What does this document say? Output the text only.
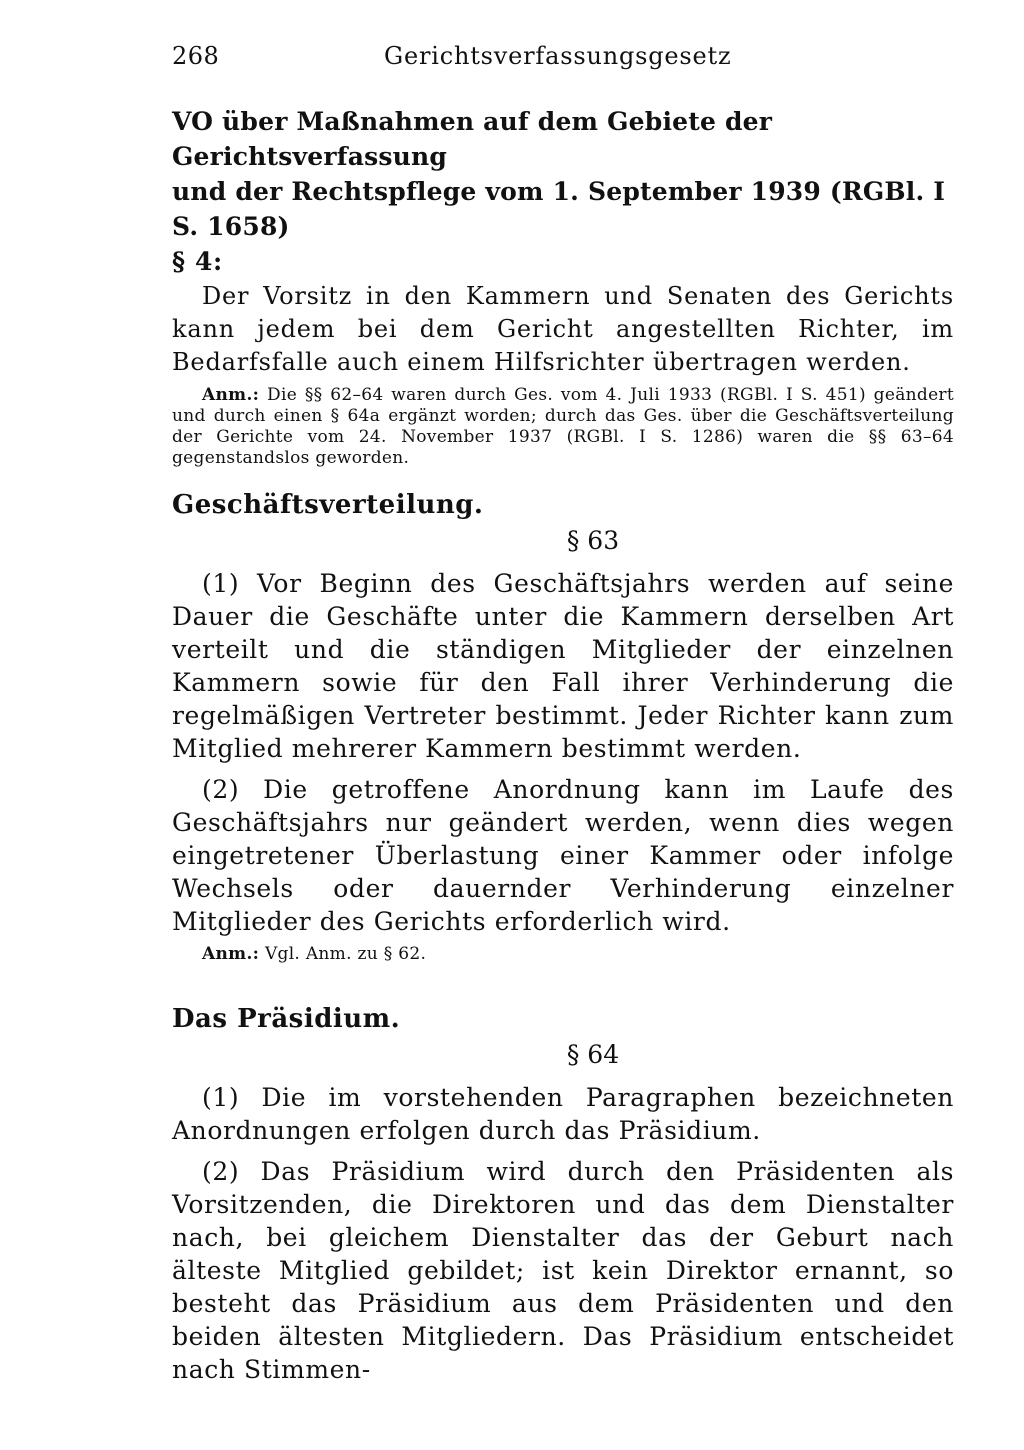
268	Gerichtsverfassungsgesetz
VO über Maßnahmen auf dem Gebiete der Gerichtsverfassung
und der Rechtspflege vom 1. September 1939 (RGBl. I S. 1658)
§ 4:

Der Vorsitz in den Kammern und Senaten des Gerichts kann jedem bei dem Gericht angestellten Richter, im Bedarfsfalle auch einem Hilfsrichter übertragen werden.

Anm.: Die §§ 62–64 waren durch Ges. vom 4. Juli 1933 (RGBl. I S. 451) geändert und durch einen § 64a ergänzt worden; durch das Ges. über die Geschäftsverteilung der Gerichte vom 24. November 1937 (RGBl. I S. 1286) waren die §§ 63–64 gegenstandslos geworden.

Geschäftsverteilung.
§ 63

(1) Vor Beginn des Geschäftsjahrs werden auf seine Dauer die Geschäfte unter die Kammern derselben Art verteilt und die ständigen Mitglieder der einzelnen Kammern sowie für den Fall ihrer Verhinderung die regelmäßigen Vertreter bestimmt. Jeder Richter kann zum Mitglied mehrerer Kammern bestimmt werden.

(2) Die getroffene Anordnung kann im Laufe des Geschäftsjahrs nur geändert werden, wenn dies wegen eingetretener Überlastung einer Kammer oder infolge Wechsels oder dauernder Verhinderung einzelner Mitglieder des Gerichts erforderlich wird.

Anm.: Vgl. Anm. zu § 62.

Das Präsidium.
§ 64

(1) Die im vorstehenden Paragraphen bezeichneten Anordnungen erfolgen durch das Präsidium.

(2) Das Präsidium wird durch den Präsidenten als Vorsitzenden, die Direktoren und das dem Dienstalter nach, bei gleichem Dienstalter das der Geburt nach älteste Mitglied gebildet; ist kein Direktor ernannt, so besteht das Präsidium aus dem Präsidenten und den beiden ältesten Mitgliedern. Das Präsidium entscheidet nach Stimmen-
